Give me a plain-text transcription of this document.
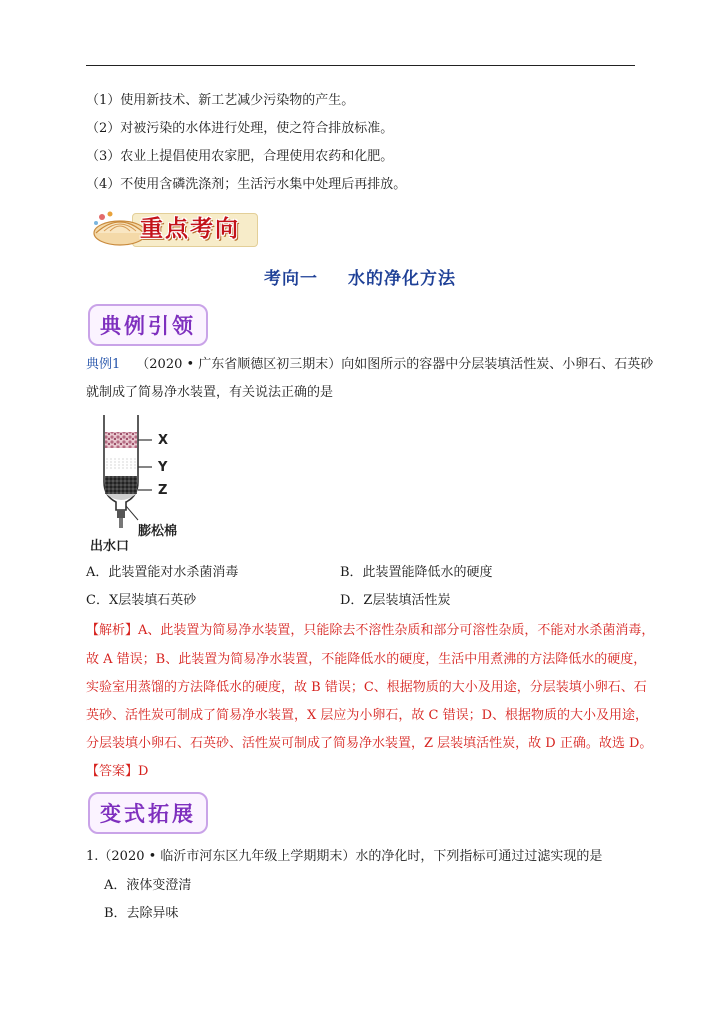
（1）使用新技术、新工艺减少污染物的产生。
（2）对被污染的水体进行处理，使之符合排放标准。
（3）农业上提倡使用农家肥，合理使用农药和化肥。
（4）不使用含磷洗涤剂；生活污水集中处理后再排放。
重点考向
考向一 水的净化方法
典例引领
典例1 （2020 • 广东省顺德区初三期末）向如图所示的容器中分层装填活性炭、小卵石、石英砂
就制成了简易净水装置，有关说法正确的是
X
Y
Z
膨松棉
出水口
A．此装置能对水杀菌消毒	B．此装置能降低水的硬度
C．X层装填石英砂	D．Z层装填活性炭
【解析】A、此装置为简易净水装置，只能除去不溶性杂质和部分可溶性杂质，不能对水杀菌消毒，
故 A 错误；B、此装置为简易净水装置，不能降低水的硬度，生活中用煮沸的方法降低水的硬度，
实验室用蒸馏的方法降低水的硬度，故 B 错误；C、根据物质的大小及用途，分层装填小卵石、石
英砂、活性炭可制成了简易净水装置，X 层应为小卵石，故 C 错误；D、根据物质的大小及用途，
分层装填小卵石、石英砂、活性炭可制成了简易净水装置，Z 层装填活性炭，故 D 正确。故选 D。
【答案】D
变式拓展
1.（2020 • 临沂市河东区九年级上学期期末）水的净化时，下列指标可通过过滤实现的是
A．液体变澄清
B．去除异味
